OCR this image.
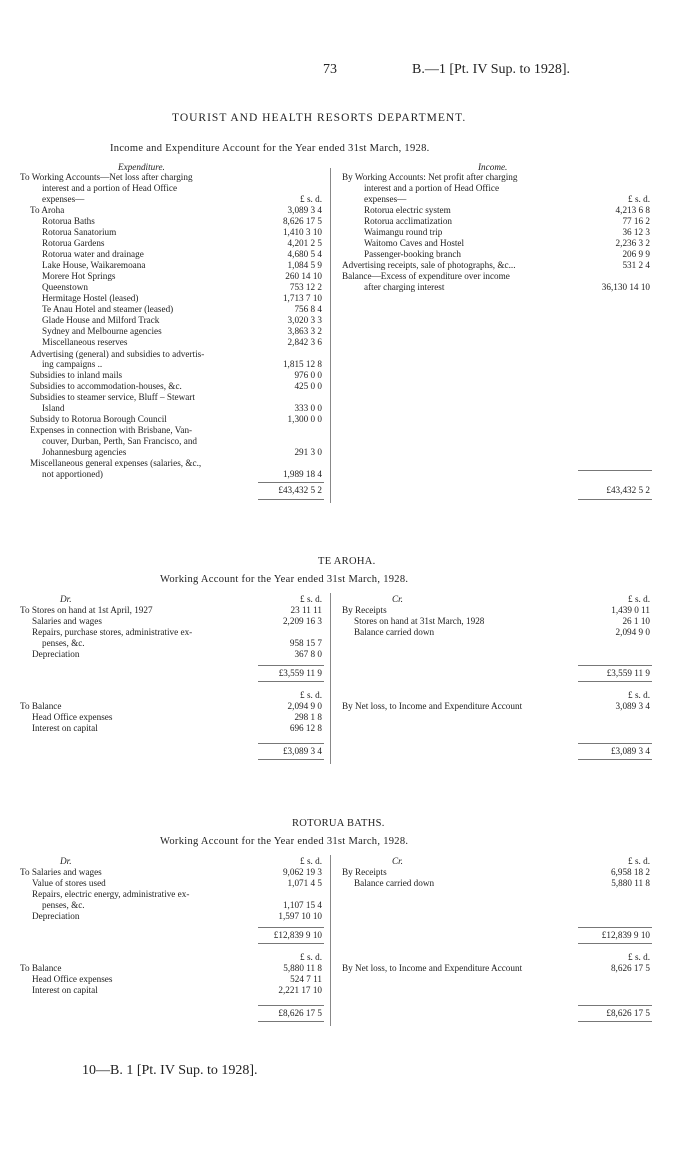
73	B.—1 [Pt. IV Sup. to 1928].
TOURIST AND HEALTH RESORTS DEPARTMENT.
Income and Expenditure Account for the Year ended 31st March, 1928.
Expenditure.
To Working Accounts—Net loss after charging
interest and a portion of Head Office
expenses—	£ s. d.
To Aroha	3,089 3 4
Rotorua Baths	8,626 17 5
Rotorua Sanatorium	1,410 3 10
Rotorua Gardens	4,201 2 5
Rotorua water and drainage	4,680 5 4
Lake House, Waikaremoana	1,084 5 9
Morere Hot Springs	260 14 10
Queenstown	753 12 2
Hermitage Hostel (leased)	1,713 7 10
Te Anau Hotel and steamer (leased)	756 8 4
Glade House and Milford Track	3,020 3 3
Sydney and Melbourne agencies	3,863 3 2
Miscellaneous reserves	2,842 3 6
Advertising (general) and subsidies to advertis-
ing campaigns ..	1,815 12 8
Subsidies to inland mails	976 0 0
Subsidies to accommodation-houses, &c.	425 0 0
Subsidies to steamer service, Bluff – Stewart
Island	333 0 0
Subsidy to Rotorua Borough Council	1,300 0 0
Expenses in connection with Brisbane, Van-
couver, Durban, Perth, San Francisco, and
Johannesburg agencies	291 3 0
Miscellaneous general expenses (salaries, &c.,
not apportioned)	1,989 18 4
£43,432 5 2
Income.
By Working Accounts: Net profit after charging
interest and a portion of Head Office
expenses—	£ s. d.
Rotorua electric system	4,213 6 8
Rotorua acclimatization	77 16 2
Waimangu round trip	36 12 3
Waitomo Caves and Hostel	2,236 3 2
Passenger-booking branch	206 9 9
Advertising receipts, sale of photographs, &c...	531 2 4
Balance—Excess of expenditure over income
after charging interest	36,130 14 10
£43,432 5 2
TE AROHA.
Working Account for the Year ended 31st March, 1928.
Dr.	Cr.
£ s. d.	£ s. d.
To Stores on hand at 1st April, 1927	23 11 11
Salaries and wages	2,209 16 3
Repairs, purchase stores, administrative ex-
penses, &c.	958 15 7
Depreciation	367 8 0
By Receipts	1,439 0 11
Stores on hand at 31st March, 1928	26 1 10
Balance carried down	2,094 9 0
£3,559 11 9	£3,559 11 9
£ s. d.	£ s. d.
To Balance	2,094 9 0
Head Office expenses	298 1 8
Interest on capital	696 12 8
By Net loss, to Income and Expenditure Account	3,089 3 4
£3,089 3 4	£3,089 3 4
ROTORUA BATHS.
Working Account for the Year ended 31st March, 1928.
Dr.	Cr.
£ s. d.	£ s. d.
To Salaries and wages	9,062 19 3
Value of stores used	1,071 4 5
Repairs, electric energy, administrative ex-
penses, &c.	1,107 15 4
Depreciation	1,597 10 10
By Receipts	6,958 18 2
Balance carried down	5,880 11 8
£12,839 9 10	£12,839 9 10
£ s. d.	£ s. d.
To Balance	5,880 11 8
Head Office expenses	524 7 11
Interest on capital	2,221 17 10
By Net loss, to Income and Expenditure Account	8,626 17 5
£8,626 17 5	£8,626 17 5
10—B. 1 [Pt. IV Sup. to 1928].
